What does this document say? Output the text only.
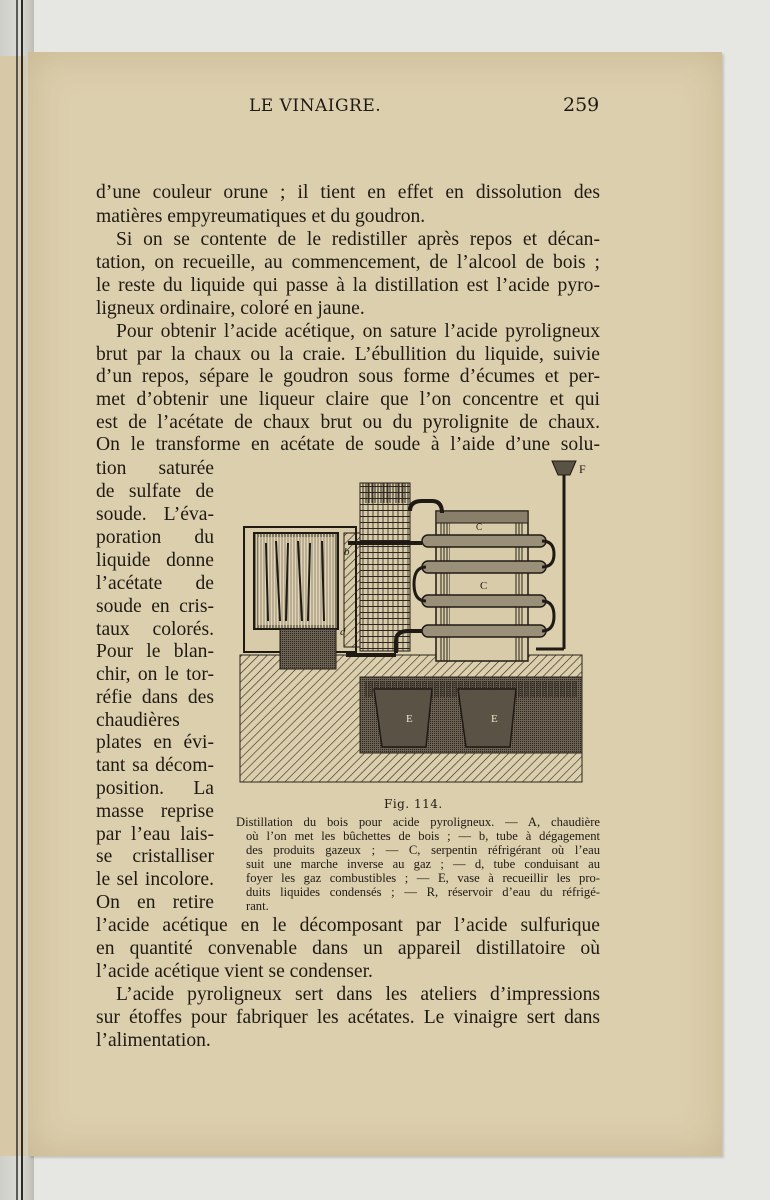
LE VINAIGRE.	259
d’une couleur orune ; il tient en effet en dissolution des
matières empyreumatiques et du goudron.
Si on se contente de le redistiller après repos et décan-
tation, on recueille, au commencement, de l’alcool de bois ;
le reste du liquide qui passe à la distillation est l’acide pyro-
ligneux ordinaire, coloré en jaune.
Pour obtenir l’acide acétique, on sature l’acide pyroligneux
brut par la chaux ou la craie. L’ébullition du liquide, suivie
d’un repos, sépare le goudron sous forme d’écumes et per-
met d’obtenir une liqueur claire que l’on concentre et qui
est de l’acétate de chaux brut ou du pyrolignite de chaux.
On le transforme en acétate de soude à l’aide d’une solu-
tion saturée
de sulfate de
soude. L’éva-
poration du
liquide donne
l’acétate de
soude en cris-
taux colorés.
Pour le blan-
chir, on le tor-
réfie dans des
chaudières
plates en évi-
tant sa décom-
position. La
masse reprise
par l’eau lais-
se cristalliser
le sel incolore.
On en retire
l’acide acétique en le décomposant par l’acide sulfurique
en quantité convenable dans un appareil distillatoire où
l’acide acétique vient se condenser.
L’acide pyroligneux sert dans les ateliers d’impressions
sur étoffes pour fabriquer les acétates. Le vinaigre sert dans
l’alimentation.
E	E
b
d
C
C
F
Fig. 114.
Distillation du bois pour acide pyroligneux. — A, chaudière
où l’on met les bûchettes de bois ; — b, tube à dégagement
des produits gazeux ; — C, serpentin réfrigérant où l’eau
suit une marche inverse au gaz ; — d, tube conduisant au
foyer les gaz combustibles ; — E, vase à recueillir les pro-
duits liquides condensés ; — R, réservoir d’eau du réfrigé-
rant.
